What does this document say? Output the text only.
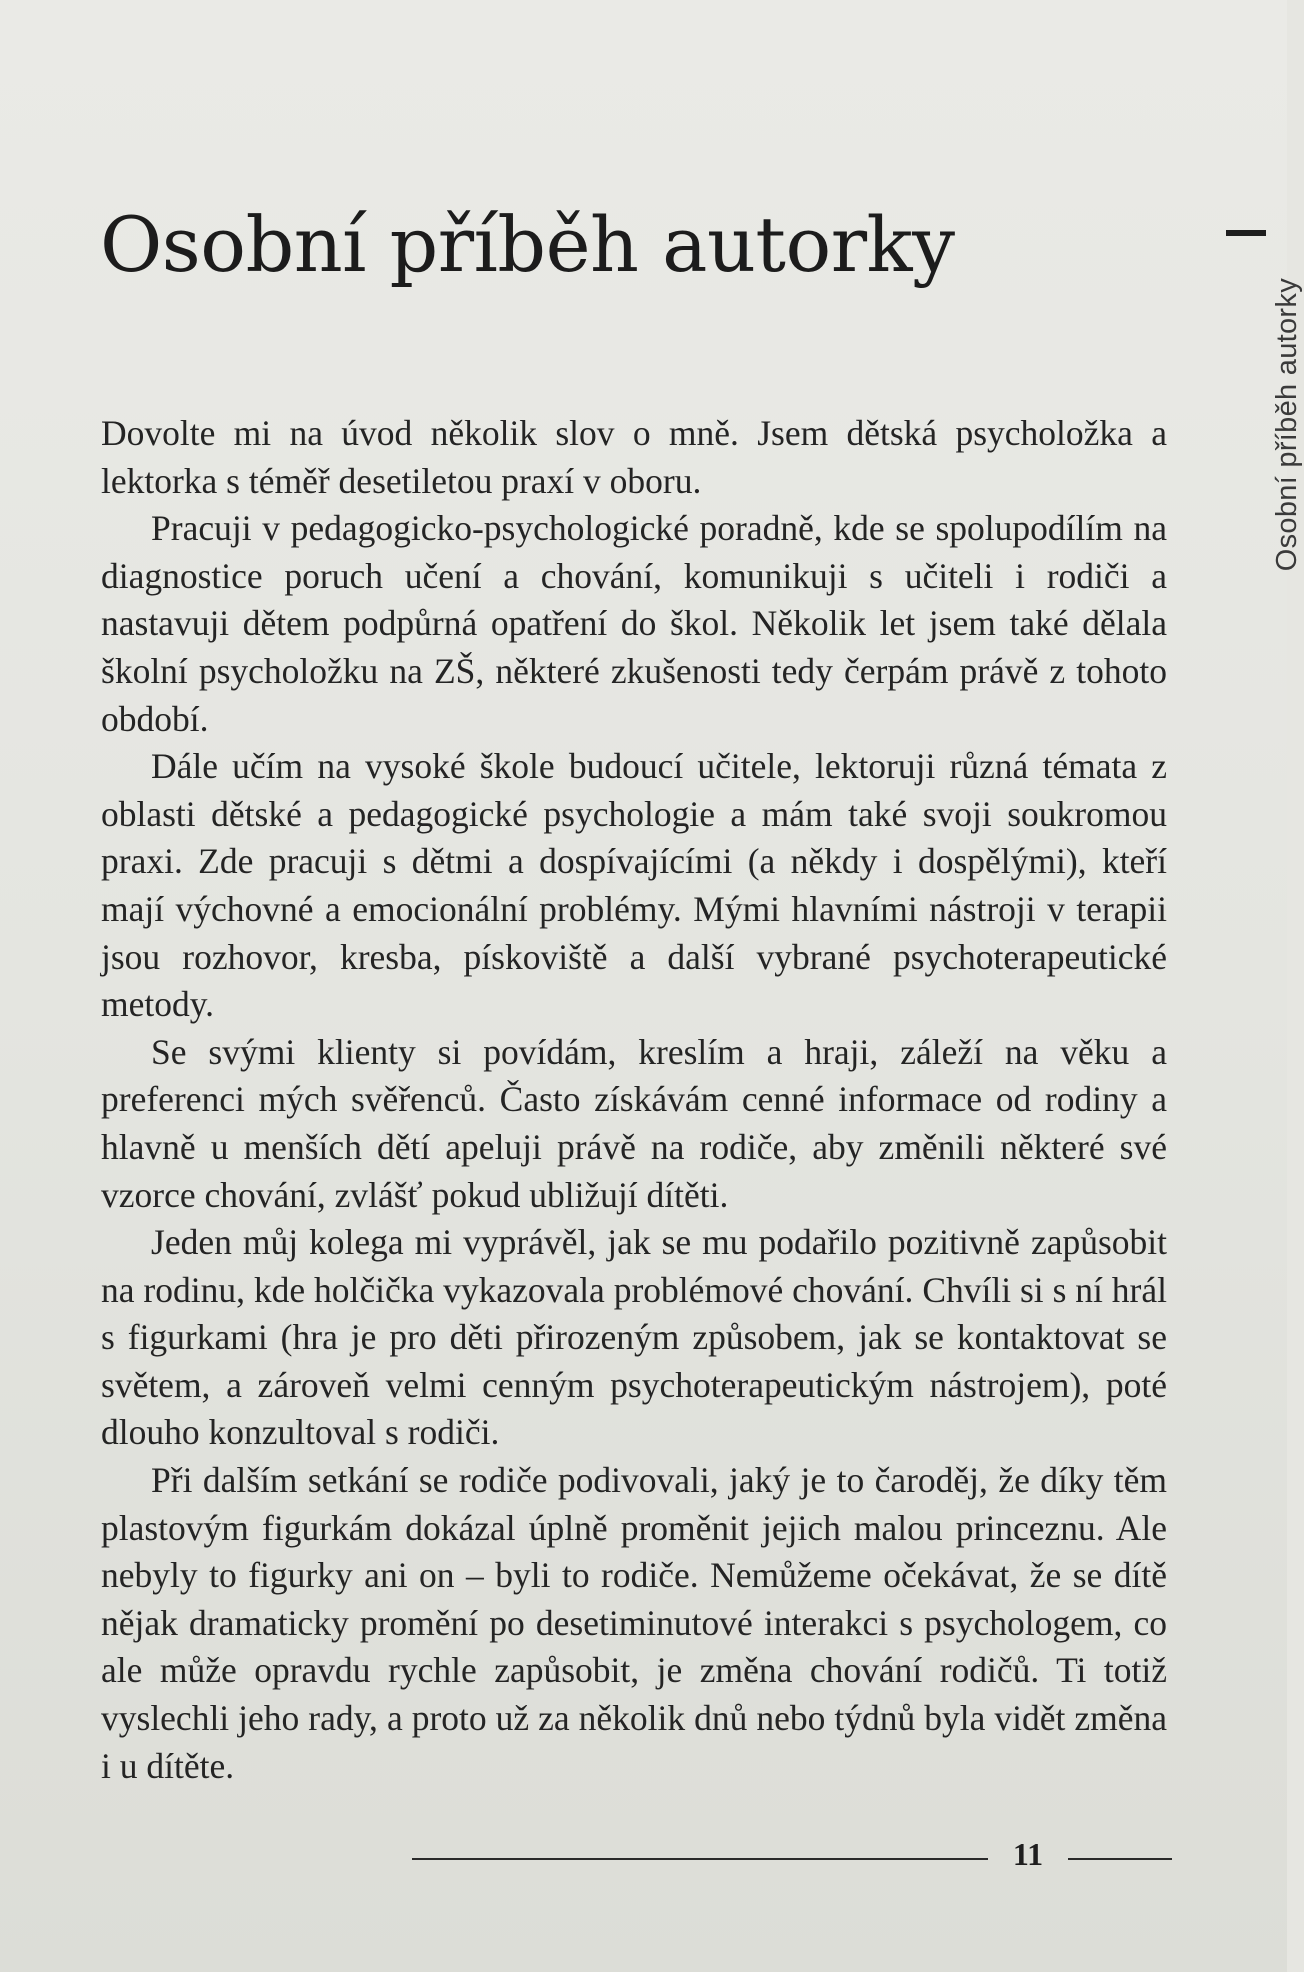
Osobní příběh autorky
Osobní příběh autorky

Dovolte mi na úvod několik slov o mně. Jsem dětská psycholožka a lektorka s téměř desetiletou praxí v oboru.

Pracuji v pedagogicko-psychologické poradně, kde se spolupodílím na diagnostice poruch učení a chování, komunikuji s učiteli i rodiči a nastavuji dětem podpůrná opatření do škol. Několik let jsem také dělala školní psycholožku na ZŠ, některé zkušenosti tedy čerpám právě z tohoto období.

Dále učím na vysoké škole budoucí učitele, lektoruji různá témata z oblasti dětské a pedagogické psychologie a mám také svoji soukromou praxi. Zde pracuji s dětmi a dospívajícími (a někdy i dospělými), kteří mají výchovné a emocionální problémy. Mými hlavními nástroji v terapii jsou rozhovor, kresba, pískoviště a další vybrané psychoterapeutické metody.

Se svými klienty si povídám, kreslím a hraji, záleží na věku a preferenci mých svěřenců. Často získávám cenné informace od rodiny a hlavně u menších dětí apeluji právě na rodiče, aby změnili některé své vzorce chování, zvlášť pokud ubližují dítěti.

Jeden můj kolega mi vyprávěl, jak se mu podařilo pozitivně zapůsobit na rodinu, kde holčička vykazovala problémové chování. Chvíli si s ní hrál s figurkami (hra je pro děti přirozeným způsobem, jak se kontaktovat se světem, a zároveň velmi cenným psychoterapeutickým nástrojem), poté dlouho konzultoval s rodiči.

Při dalším setkání se rodiče podivovali, jaký je to čaroděj, že díky těm plastovým figurkám dokázal úplně proměnit jejich malou princeznu. Ale nebyly to figurky ani on – byli to rodiče. Nemůžeme očekávat, že se dítě nějak dramaticky promění po desetiminutové interakci s psychologem, co ale může opravdu rychle zapůsobit, je změna chování rodičů. Ti totiž vyslechli jeho rady, a proto už za několik dnů nebo týdnů byla vidět změna i u dítěte.

11
